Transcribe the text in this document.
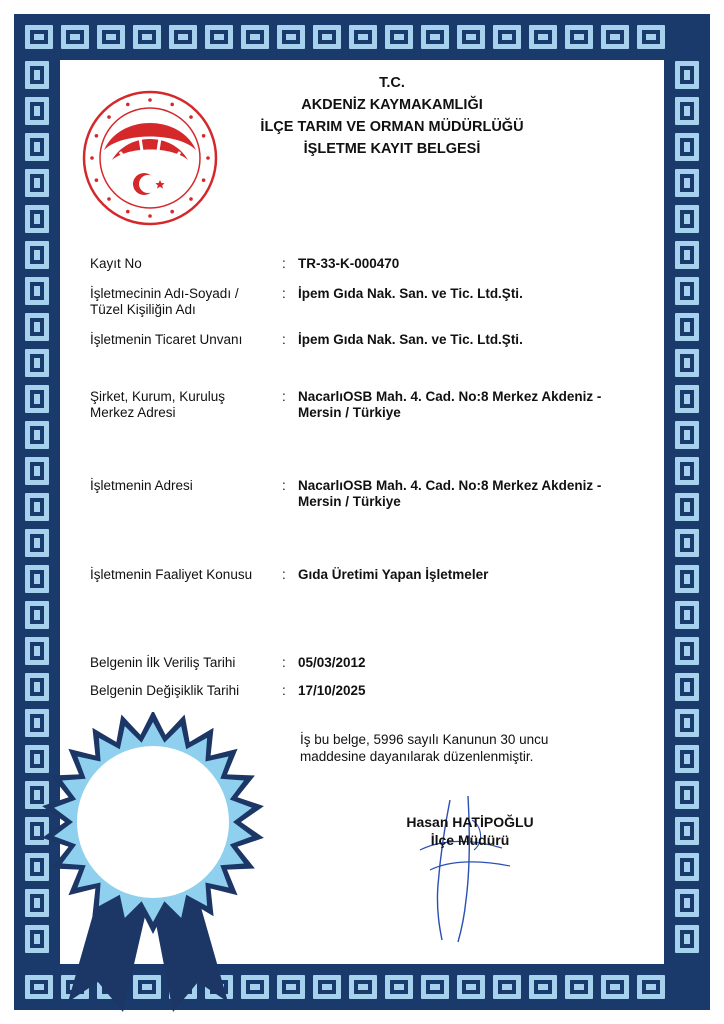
T.C.
AKDENİZ KAYMAKAMLIĞI
İLÇE TARIM VE ORMAN MÜDÜRLÜĞÜ
İŞLETME KAYIT BELGESİ
Kayıt No	: TR-33-K-000470
İşletmecinin Adı-Soyadı /
Tüzel Kişiliğin Adı
: İpem Gıda Nak. San. ve Tic. Ltd.Şti.
İşletmenin Ticaret Unvanı	: İpem Gıda Nak. San. ve Tic. Ltd.Şti.
Şirket, Kurum, Kuruluş
Merkez Adresi
: NacarlıOSB Mah. 4. Cad. No:8 Merkez Akdeniz -
Mersin / Türkiye
İşletmenin Adresi	: NacarlıOSB Mah. 4. Cad. No:8 Merkez Akdeniz -
Mersin / Türkiye
İşletmenin Faaliyet Konusu	: Gıda Üretimi Yapan İşletmeler
Belgenin İlk Veriliş Tarihi	: 05/03/2012
Belgenin Değişiklik Tarihi	: 17/10/2025
İş bu belge, 5996 sayılı Kanunun 30 uncu maddesine dayanılarak düzenlenmiştir.
Hasan HATİPOĞLU
İlçe Müdürü
